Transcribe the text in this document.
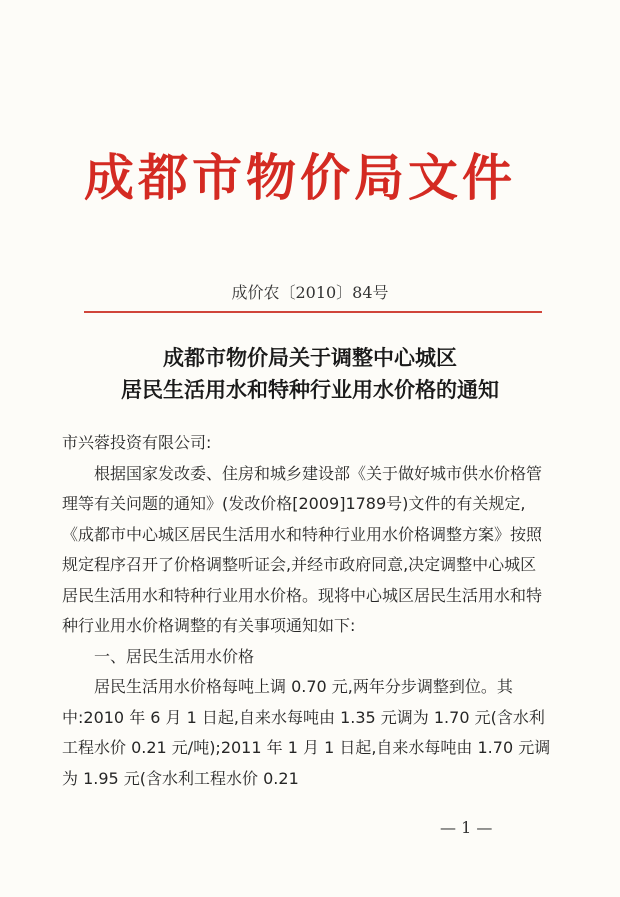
成都市物价局文件
成价农〔2010〕84号
成都市物价局关于调整中心城区
居民生活用水和特种行业用水价格的通知

市兴蓉投资有限公司:

根据国家发改委、住房和城乡建设部《关于做好城市供水价格管理等有关问题的通知》(发改价格[2009]1789号)文件的有关规定,《成都市中心城区居民生活用水和特种行业用水价格调整方案》按照规定程序召开了价格调整听证会,并经市政府同意,决定调整中心城区居民生活用水和特种行业用水价格。现将中心城区居民生活用水和特种行业用水价格调整的有关事项通知如下:

一、居民生活用水价格

居民生活用水价格每吨上调 0.70 元,两年分步调整到位。其中:2010 年 6 月 1 日起,自来水每吨由 1.35 元调为 1.70 元(含水利工程水价 0.21 元/吨);2011 年 1 月 1 日起,自来水每吨由 1.70 元调为 1.95 元(含水利工程水价 0.21

— 1 —
